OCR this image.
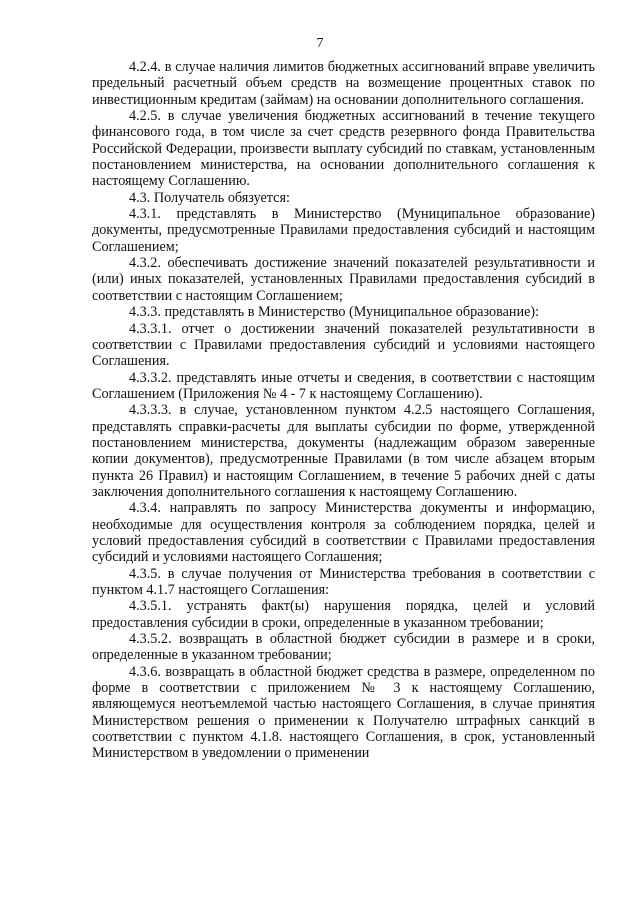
7

4.2.4. в случае наличия лимитов бюджетных ассигнований вправе увеличить предельный расчетный объем средств на возмещение процентных ставок по инвестиционным кредитам (займам) на основании дополнительного соглашения.

4.2.5. в случае увеличения бюджетных ассигнований в течение текущего финансового года, в том числе за счет средств резервного фонда Правительства Российской Федерации, произвести выплату субсидий по ставкам, установленным постановлением министерства, на основании дополнительного соглашения к настоящему Соглашению.

4.3. Получатель обязуется:

4.3.1. представлять в Министерство (Муниципальное образование) документы, предусмотренные Правилами предоставления субсидий и настоящим Соглашением;

4.3.2. обеспечивать достижение значений показателей результативности и (или) иных показателей, установленных Правилами предоставления субсидий в соответствии с настоящим Соглашением;

4.3.3. представлять в Министерство (Муниципальное образование):

4.3.3.1. отчет о достижении значений показателей результативности в соответствии с Правилами предоставления субсидий и условиями настоящего Соглашения.

4.3.3.2. представлять иные отчеты и сведения, в соответствии с настоящим Соглашением (Приложения № 4 - 7 к настоящему Соглашению).

4.3.3.3. в случае, установленном пунктом 4.2.5 настоящего Соглашения, представлять справки-расчеты для выплаты субсидии по форме, утвержденной постановлением министерства, документы (надлежащим образом заверенные копии документов), предусмотренные Правилами (в том числе абзацем вторым пункта 26 Правил) и настоящим Соглашением, в течение 5 рабочих дней с даты заключения дополнительного соглашения к настоящему Соглашению.

4.3.4. направлять по запросу Министерства документы и информацию, необходимые для осуществления контроля за соблюдением порядка, целей и условий предоставления субсидий в соответствии с Правилами предоставления субсидий и условиями настоящего Соглашения;

4.3.5. в случае получения от Министерства требования в соответствии с пунктом 4.1.7 настоящего Соглашения:

4.3.5.1. устранять факт(ы) нарушения порядка, целей и условий предоставления субсидии в сроки, определенные в указанном требовании;

4.3.5.2. возвращать в областной бюджет субсидии в размере и в сроки, определенные в указанном требовании;

4.3.6. возвращать в областной бюджет средства в размере, определенном по форме в соответствии с приложением № 3 к настоящему Соглашению, являющемуся неотъемлемой частью настоящего Соглашения, в случае принятия Министерством решения о применении к Получателю штрафных санкций в соответствии с пунктом 4.1.8. настоящего Соглашения, в срок, установленный Министерством в уведомлении о применении
